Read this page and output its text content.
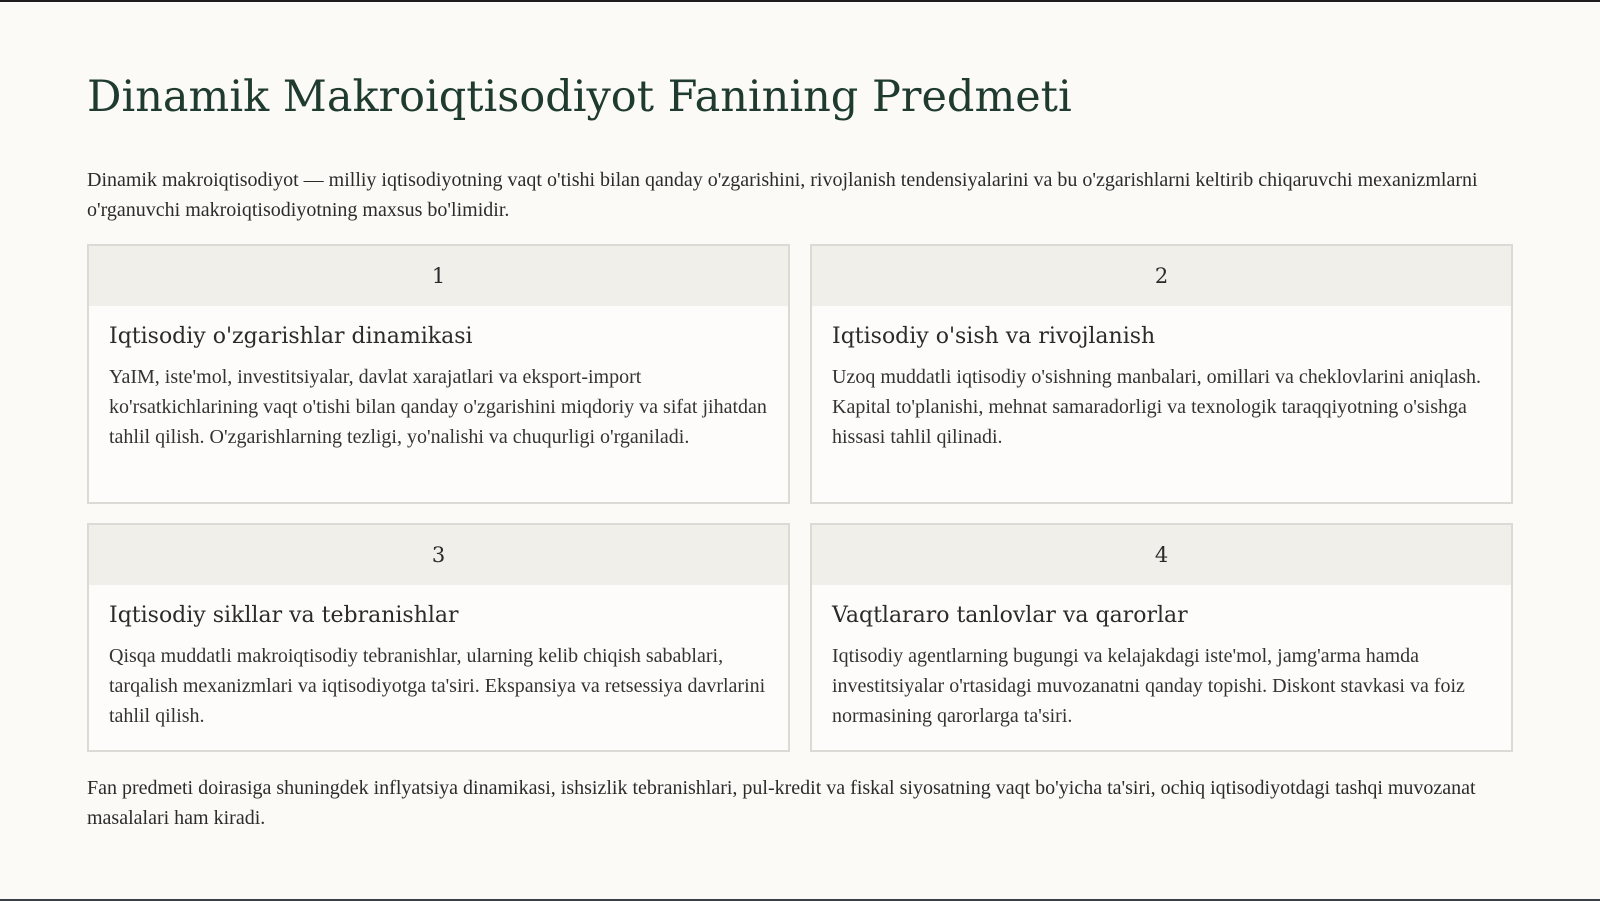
Dinamik Makroiqtisodiyot Fanining Predmeti

Dinamik makroiqtisodiyot — milliy iqtisodiyotning vaqt o'tishi bilan qanday o'zgarishini, rivojlanish tendensiyalarini va bu o'zgarishlarni keltirib chiqaruvchi mexanizmlarni o'rganuvchi makroiqtisodiyotning maxsus bo'limidir.

1
Iqtisodiy o'zgarishlar dinamikasi

YaIM, iste'mol, investitsiyalar, davlat xarajatlari va eksport-import ko'rsatkichlarining vaqt o'tishi bilan qanday o'zgarishini miqdoriy va sifat jihatdan tahlil qilish. O'zgarishlarning tezligi, yo'nalishi va chuqurligi o'rganiladi.

2
Iqtisodiy o'sish va rivojlanish

Uzoq muddatli iqtisodiy o'sishning manbalari, omillari va cheklovlarini aniqlash. Kapital to'planishi, mehnat samaradorligi va texnologik taraqqiyotning o'sishga hissasi tahlil qilinadi.

3
Iqtisodiy sikllar va tebranishlar

Qisqa muddatli makroiqtisodiy tebranishlar, ularning kelib chiqish sabablari, tarqalish mexanizmlari va iqtisodiyotga ta'siri. Ekspansiya va retsessiya davrlarini tahlil qilish.

4
Vaqtlararo tanlovlar va qarorlar

Iqtisodiy agentlarning bugungi va kelajakdagi iste'mol, jamg'arma hamda investitsiyalar o'rtasidagi muvozanatni qanday topishi. Diskont stavkasi va foiz normasining qarorlarga ta'siri.

Fan predmeti doirasiga shuningdek inflyatsiya dinamikasi, ishsizlik tebranishlari, pul-kredit va fiskal siyosatning vaqt bo'yicha ta'siri, ochiq iqtisodiyotdagi tashqi muvozanat masalalari ham kiradi.
